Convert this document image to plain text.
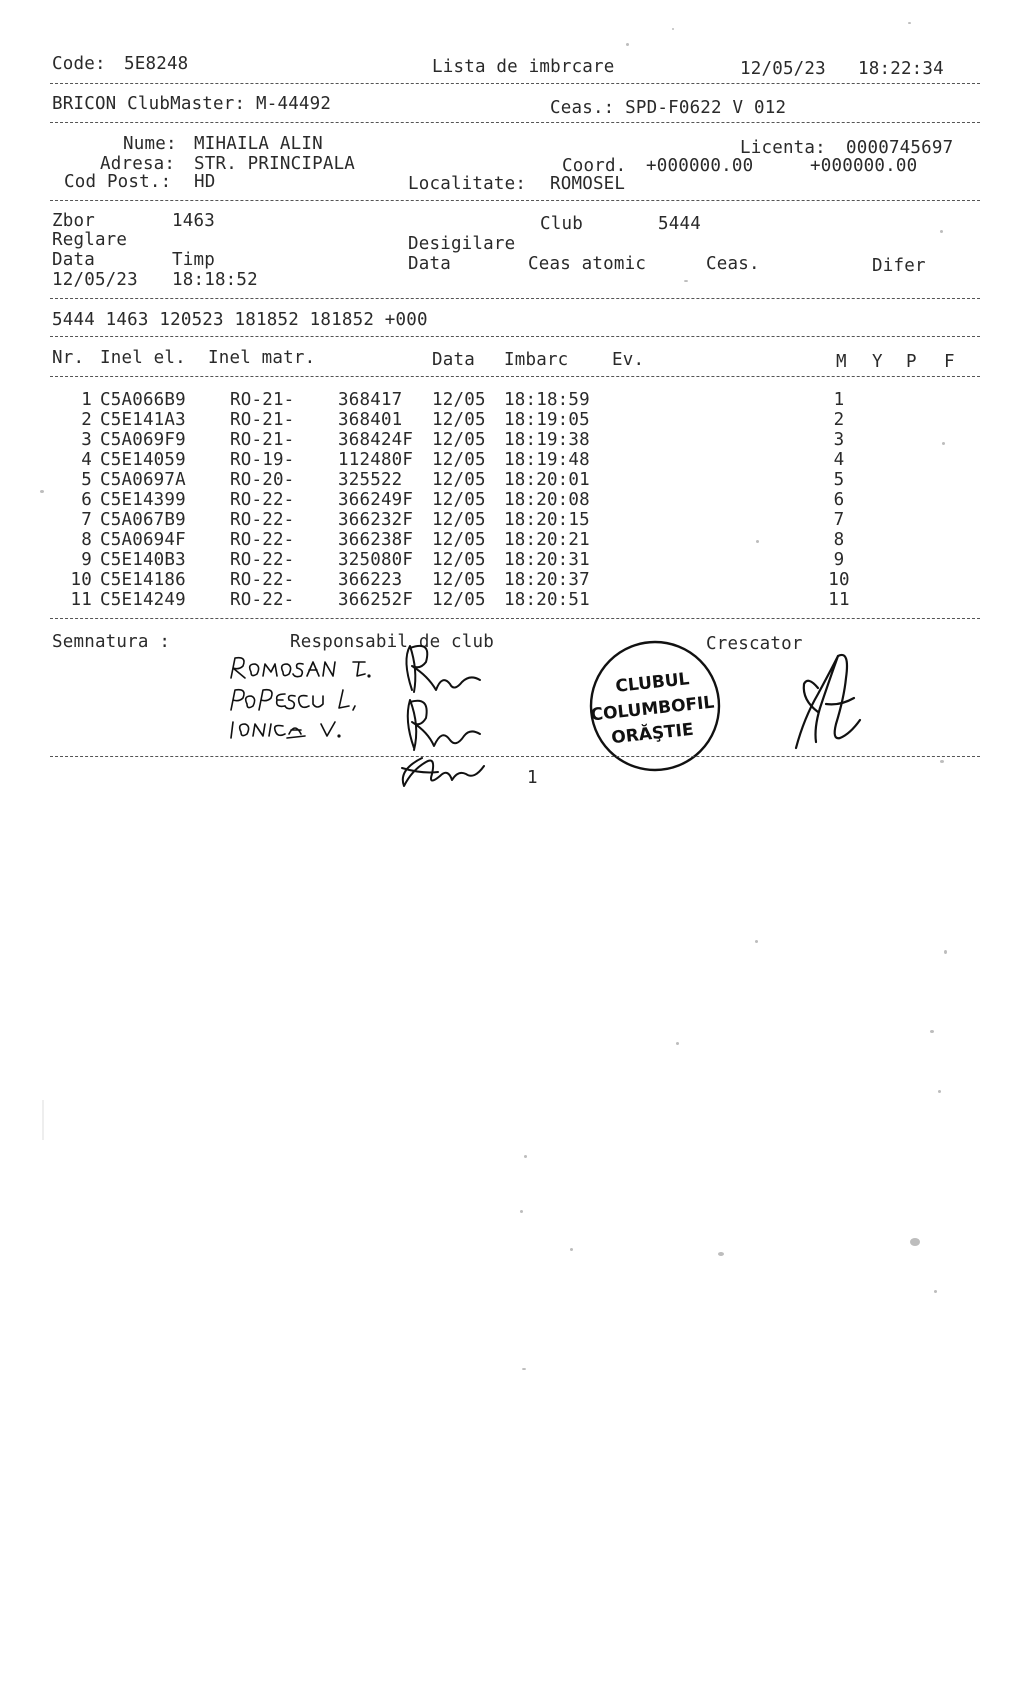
Code: 5E8248	Lista de imbrcare	12/05/23 18:22:34
BRICON ClubMaster: M-44492	Ceas.: SPD-F0622 V 012
Nume: MIHAILA ALIN
Adresa: STR. PRINCIPALA
Cod Post.: HD
Licenta: 0000745697
Coord. +000000.00	+000000.00
Localitate: ROMOSEL
Zbor	1463	Club	5444
Reglare	Desigilare
Data	Timp	Data	Ceas atomic	Ceas.	Difer
12/05/23 18:18:52
5444 1463 120523 181852 181852 +000
Nr. Inel el. Inel matr.	Data Imbarc Ev.	M Y P F
1 C5A066B9	RO-21- 368417 12/05 18:18:59	1
2 C5E141A3	RO-21- 368401 12/05 18:19:05	2
3 C5A069F9	RO-21- 368424F 12/05 18:19:38	3
4 C5E14059	RO-19- 112480F 12/05 18:19:48	4
5 C5A0697A	RO-20- 325522 12/05 18:20:01	5
6 C5E14399	RO-22- 366249F 12/05 18:20:08	6
7 C5A067B9	RO-22- 366232F 12/05 18:20:15	7
8 C5A0694F	RO-22- 366238F 12/05 18:20:21	8
9 C5E140B3	RO-22- 325080F 12/05 18:20:31	9
10 C5E14186	RO-22- 366223 12/05 18:20:37	10
11 C5E14249	RO-22- 366252F 12/05 18:20:51	11
Semnatura :	Responsabil de club	Crescator
CLUBUL
COLUMBOFIL
ORĂŞTIE
1
